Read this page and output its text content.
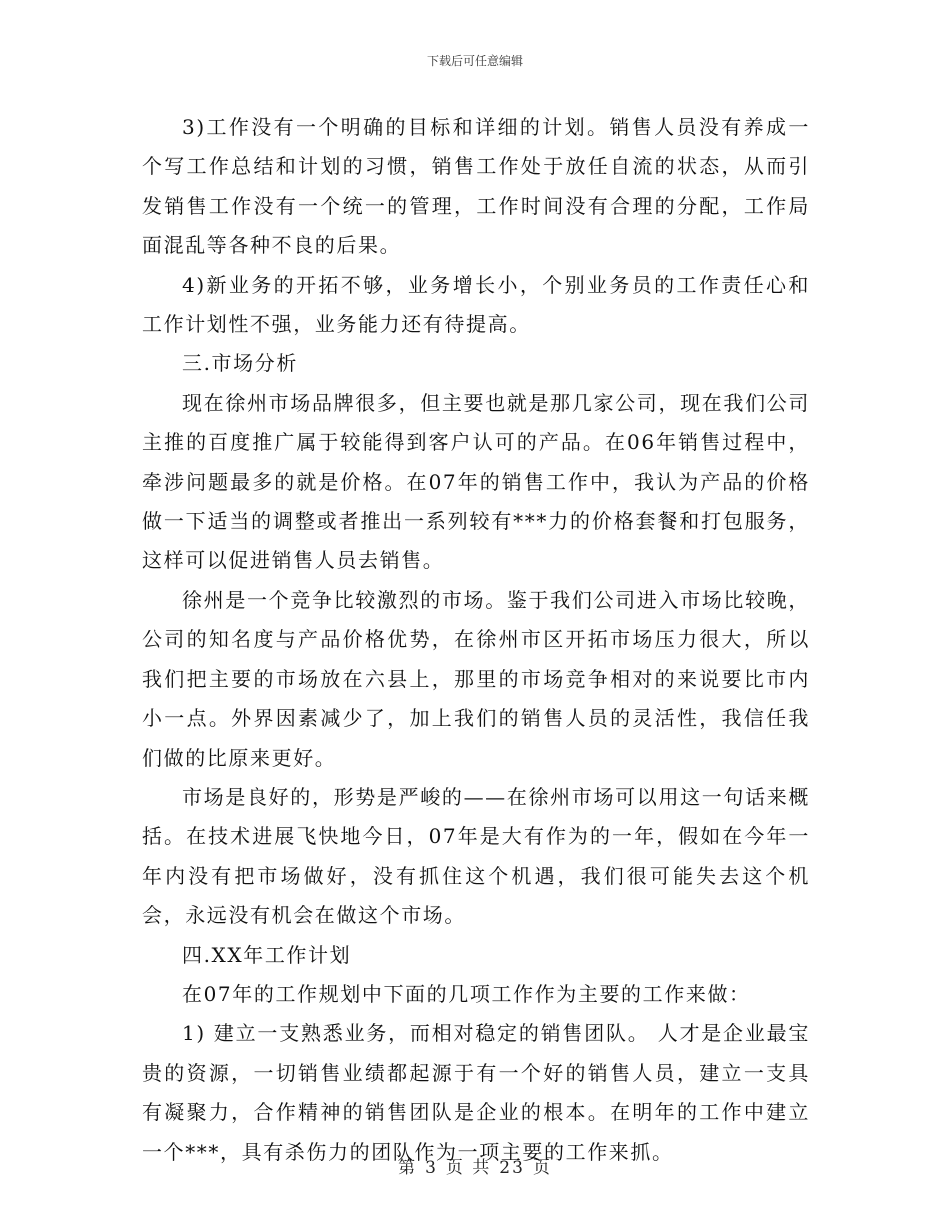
下载后可任意编辑

3)工作没有一个明确的目标和详细的计划。销售人员没有养成一个写工作总结和计划的习惯，销售工作处于放任自流的状态，从而引发销售工作没有一个统一的管理，工作时间没有合理的分配，工作局面混乱等各种不良的后果。

4)新业务的开拓不够，业务增长小，个别业务员的工作责任心和工作计划性不强，业务能力还有待提高。

三.市场分析

现在徐州市场品牌很多，但主要也就是那几家公司，现在我们公司主推的百度推广属于较能得到客户认可的产品。在06年销售过程中，牵涉问题最多的就是价格。在07年的销售工作中，我认为产品的价格做一下适当的调整或者推出一系列较有***力的价格套餐和打包服务，这样可以促进销售人员去销售。

徐州是一个竞争比较激烈的市场。鉴于我们公司进入市场比较晚，公司的知名度与产品价格优势，在徐州市区开拓市场压力很大，所以我们把主要的市场放在六县上，那里的市场竞争相对的来说要比市内小一点。外界因素减少了，加上我们的销售人员的灵活性，我信任我们做的比原来更好。

市场是良好的，形势是严峻的——在徐州市场可以用这一句话来概括。在技术进展飞快地今日，07年是大有作为的一年，假如在今年一年内没有把市场做好，没有抓住这个机遇，我们很可能失去这个机会，永远没有机会在做这个市场。

四.XX年工作计划

在07年的工作规划中下面的几项工作作为主要的工作来做：

1) 建立一支熟悉业务，而相对稳定的销售团队。 人才是企业最宝贵的资源，一切销售业绩都起源于有一个好的销售人员，建立一支具有凝聚力，合作精神的销售团队是企业的根本。在明年的工作中建立一个***，具有杀伤力的团队作为一项主要的工作来抓。

第 3 页 共 23 页
